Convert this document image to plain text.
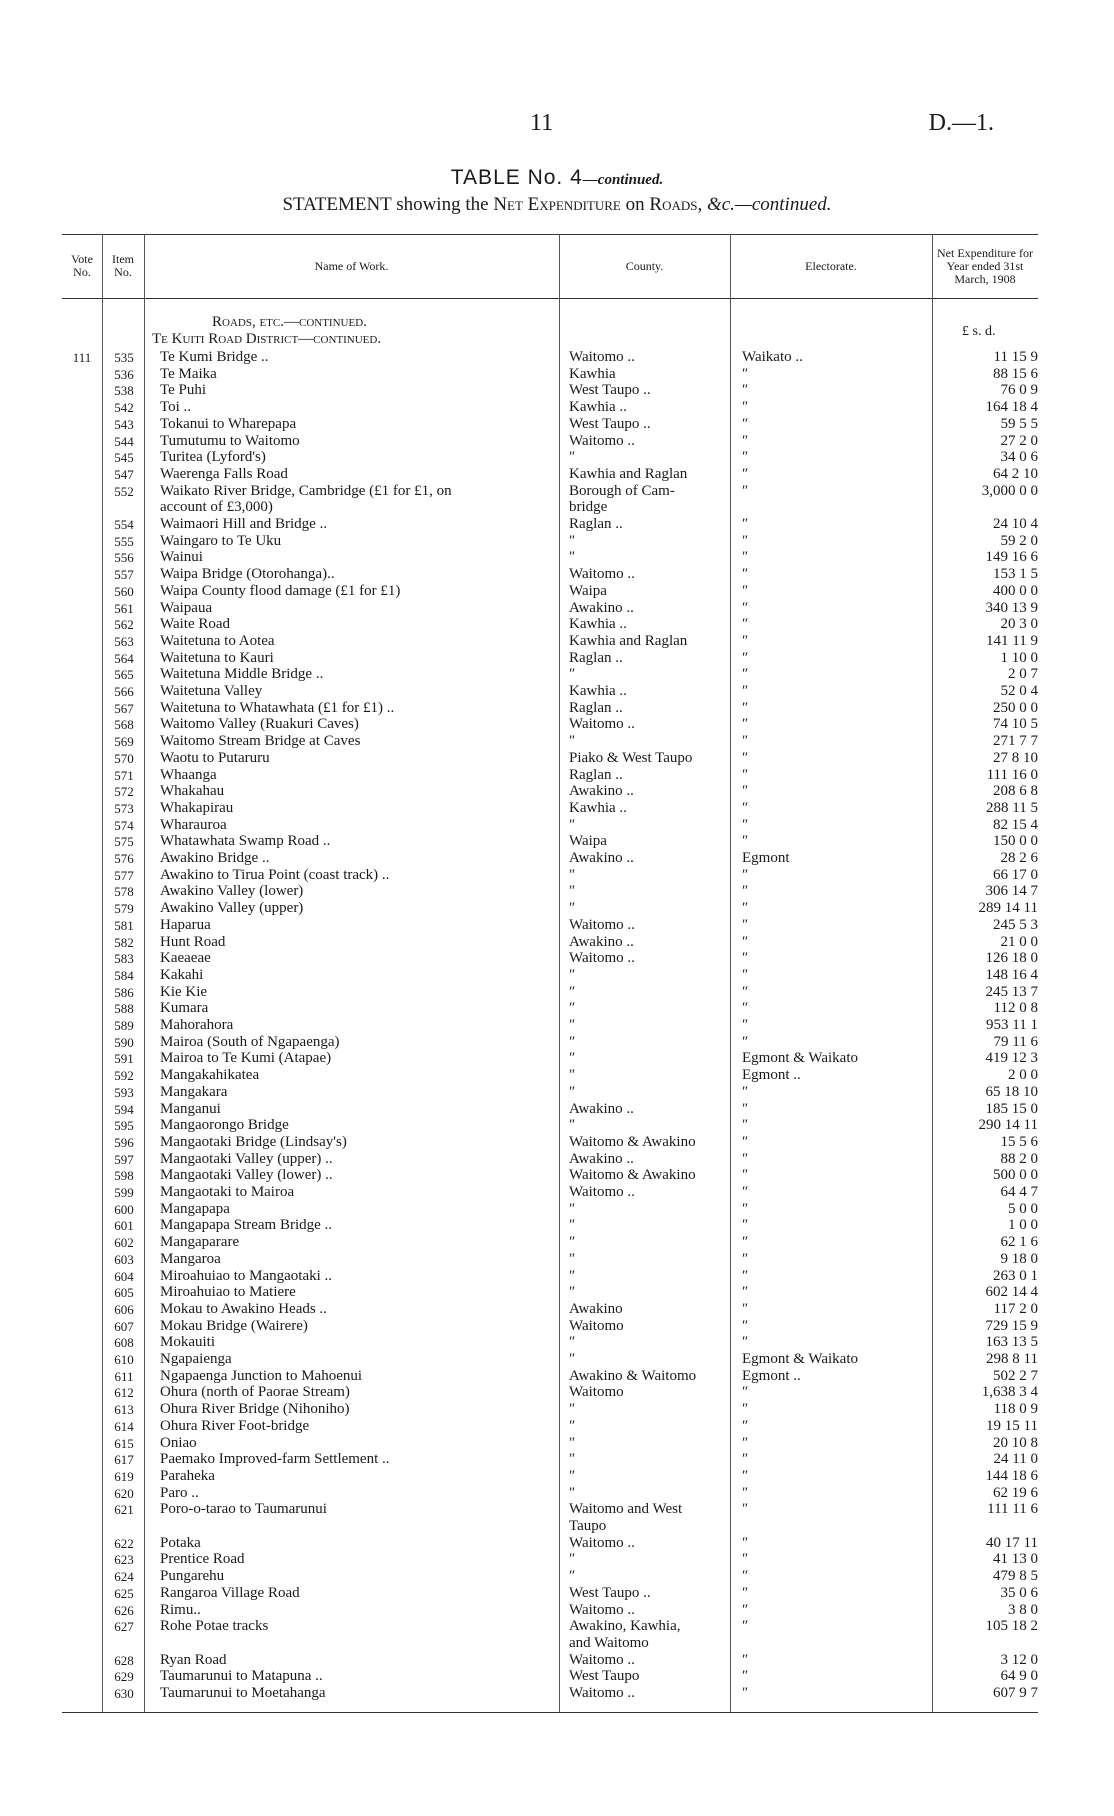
11	D.—1.
TABLE No. 4—continued.
STATEMENT showing the Net Expenditure on Roads, &c.—continued.
Vote No.
Item No.	Name of Work.	County.	Electorate.
Net Expenditure for Year ended 31st March, 1908
Roads, etc.—continued.
Te Kuiti Road District—continued.	£ s. d.
111	535	Te Kumi Bridge ..	Waitomo ..	Waikato ..	11 15 9
536	Te Maika	Kawhia	″	88 15 6
538	Te Puhi	West Taupo ..	″	76 0 9
542	Toi ..	Kawhia ..	″	164 18 4
543	Tokanui to Wharepapa	West Taupo ..	″	59 5 5
544	Tumutumu to Waitomo	Waitomo ..	″	27 2 0
545	Turitea (Lyford's)	″	″	34 0 6
547	Waerenga Falls Road	Kawhia and Raglan	″	64 2 10
552	Waikato River Bridge, Cambridge (£1 for £1, on	Borough of Cam-	″	3,000 0 0
account of £3,000)	bridge
554	Waimaori Hill and Bridge ..	Raglan ..	″	24 10 4
555	Waingaro to Te Uku	″	″	59 2 0
556	Wainui	″	″	149 16 6
557	Waipa Bridge (Otorohanga)..	Waitomo ..	″	153 1 5
560	Waipa County flood damage (£1 for £1)	Waipa	″	400 0 0
561	Waipaua	Awakino ..	″	340 13 9
562	Waite Road	Kawhia ..	″	20 3 0
563	Waitetuna to Aotea	Kawhia and Raglan	″	141 11 9
564	Waitetuna to Kauri	Raglan ..	″	1 10 0
565	Waitetuna Middle Bridge ..	″	″	2 0 7
566	Waitetuna Valley	Kawhia ..	″	52 0 4
567	Waitetuna to Whatawhata (£1 for £1) ..	Raglan ..	″	250 0 0
568	Waitomo Valley (Ruakuri Caves)	Waitomo ..	″	74 10 5
569	Waitomo Stream Bridge at Caves	″	″	271 7 7
570	Waotu to Putaruru	Piako & West Taupo	″	27 8 10
571	Whaanga	Raglan ..	″	111 16 0
572	Whakahau	Awakino ..	″	208 6 8
573	Whakapirau	Kawhia ..	″	288 11 5
574	Wharauroa	″	″	82 15 4
575	Whatawhata Swamp Road ..	Waipa	″	150 0 0
576	Awakino Bridge ..	Awakino ..	Egmont	28 2 6
577	Awakino to Tirua Point (coast track) ..	″	″	66 17 0
578	Awakino Valley (lower)	″	″	306 14 7
579	Awakino Valley (upper)	″	″	289 14 11
581	Haparua	Waitomo ..	″	245 5 3
582	Hunt Road	Awakino ..	″	21 0 0
583	Kaeaeae	Waitomo ..	″	126 18 0
584	Kakahi	″	″	148 16 4
586	Kie Kie	″	″	245 13 7
588	Kumara	″	″	112 0 8
589	Mahorahora	″	″	953 11 1
590	Mairoa (South of Ngapaenga)	″	″	79 11 6
591	Mairoa to Te Kumi (Atapae)	″	Egmont & Waikato	419 12 3
592	Mangakahikatea	″	Egmont ..	2 0 0
593	Mangakara	″	″	65 18 10
594	Manganui	Awakino ..	″	185 15 0
595	Mangaorongo Bridge	″	″	290 14 11
596	Mangaotaki Bridge (Lindsay's)	Waitomo & Awakino	″	15 5 6
597	Mangaotaki Valley (upper) ..	Awakino ..	″	88 2 0
598	Mangaotaki Valley (lower) ..	Waitomo & Awakino	″	500 0 0
599	Mangaotaki to Mairoa	Waitomo ..	″	64 4 7
600	Mangapapa	″	″	5 0 0
601	Mangapapa Stream Bridge ..	″	″	1 0 0
602	Mangaparare	″	″	62 1 6
603	Mangaroa	″	″	9 18 0
604	Miroahuiao to Mangaotaki ..	″	″	263 0 1
605	Miroahuiao to Matiere	″	″	602 14 4
606	Mokau to Awakino Heads ..	Awakino	″	117 2 0
607	Mokau Bridge (Wairere)	Waitomo	″	729 15 9
608	Mokauiti	″	″	163 13 5
610	Ngapaienga	″	Egmont & Waikato	298 8 11
611	Ngapaenga Junction to Mahoenui	Awakino & Waitomo	Egmont ..	502 2 7
612	Ohura (north of Paorae Stream)	Waitomo	″	1,638 3 4
613	Ohura River Bridge (Nihoniho)	″	″	118 0 9
614	Ohura River Foot-bridge	″	″	19 15 11
615	Oniao	″	″	20 10 8
617	Paemako Improved-farm Settlement ..	″	″	24 11 0
619	Paraheka	″	″	144 18 6
620	Paro ..	″	″	62 19 6
621	Poro-o-tarao to Taumarunui	Waitomo and West	″	111 11 6
Taupo
622	Potaka	Waitomo ..	″	40 17 11
623	Prentice Road	″	″	41 13 0
624	Pungarehu	″	″	479 8 5
625	Rangaroa Village Road	West Taupo ..	″	35 0 6
626	Rimu..	Waitomo ..	″	3 8 0
627	Rohe Potae tracks	Awakino, Kawhia,	″	105 18 2
and Waitomo
628	Ryan Road	Waitomo ..	″	3 12 0
629	Taumarunui to Matapuna ..	West Taupo	″	64 9 0
630	Taumarunui to Moetahanga	Waitomo ..	″	607 9 7
